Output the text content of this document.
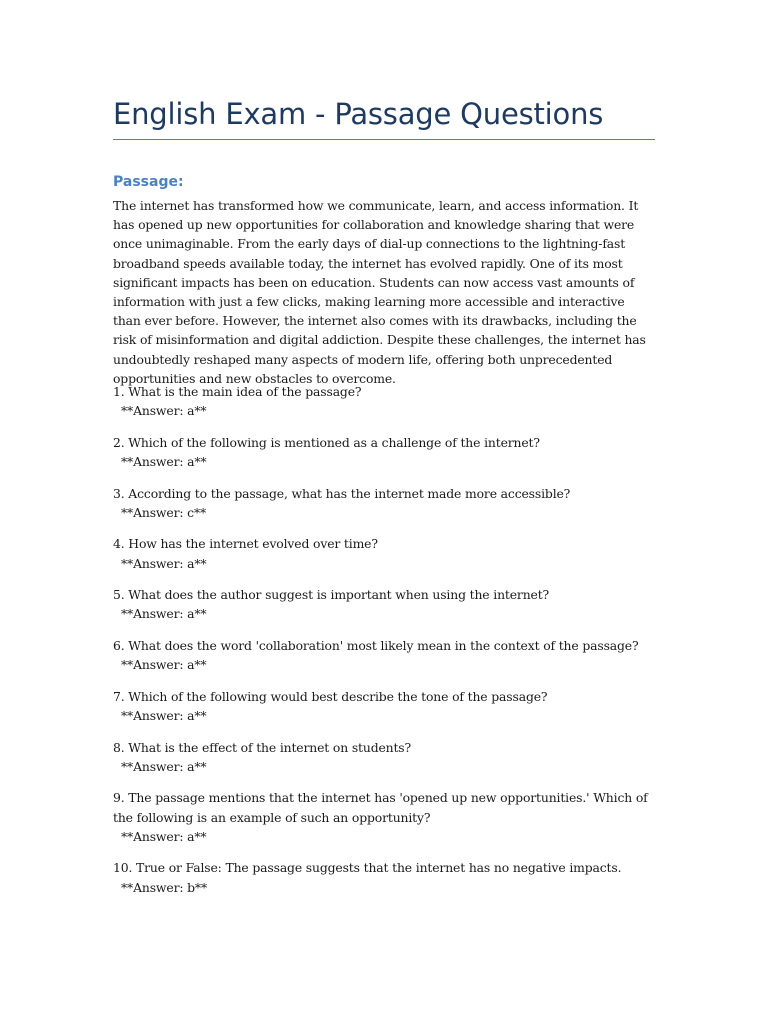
English Exam - Passage Questions
Passage:

The internet has transformed how we communicate, learn, and access information. It has opened up new opportunities for collaboration and knowledge sharing that were once unimaginable. From the early days of dial-up connections to the lightning-fast broadband speeds available today, the internet has evolved rapidly. One of its most significant impacts has been on education. Students can now access vast amounts of information with just a few clicks, making learning more accessible and interactive than ever before. However, the internet also comes with its drawbacks, including the risk of misinformation and digital addiction. Despite these challenges, the internet has undoubtedly reshaped many aspects of modern life, offering both unprecedented opportunities and new obstacles to overcome.

1. What is the main idea of the passage?
**Answer: a**
2. Which of the following is mentioned as a challenge of the internet?
**Answer: a**
3. According to the passage, what has the internet made more accessible?
**Answer: c**
4. How has the internet evolved over time?
**Answer: a**
5. What does the author suggest is important when using the internet?
**Answer: a**
6. What does the word 'collaboration' most likely mean in the context of the passage?
**Answer: a**
7. Which of the following would best describe the tone of the passage?
**Answer: a**
8. What is the effect of the internet on students?
**Answer: a**
9. The passage mentions that the internet has 'opened up new opportunities.' Which of the following is an example of such an opportunity?
**Answer: a**
10. True or False: The passage suggests that the internet has no negative impacts.
**Answer: b**
